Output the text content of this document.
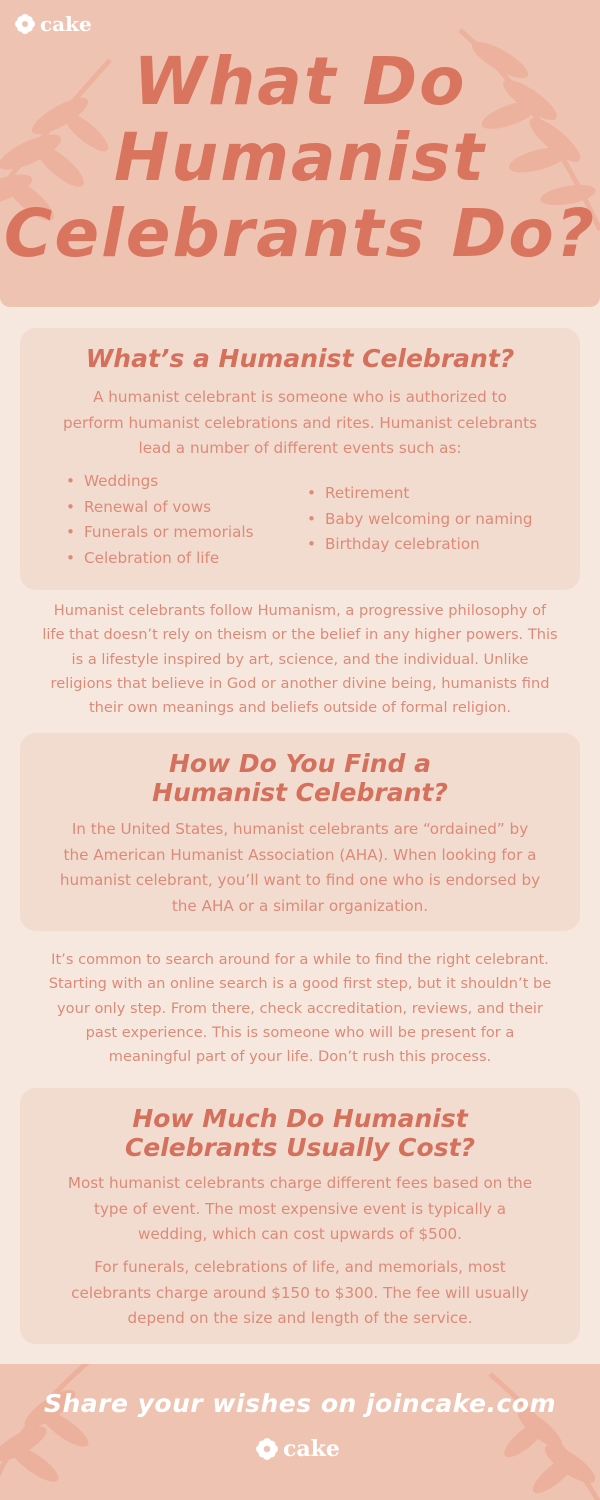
cake
What Do
Humanist
Celebrants Do?
What’s a Humanist Celebrant?
A humanist celebrant is someone who is authorized to
perform humanist celebrations and rites. Humanist celebrants
lead a number of different events such as:
• Weddings
• Renewal of vows
• Funerals or memorials
• Celebration of life
• Retirement
• Baby welcoming or naming
• Birthday celebration
Humanist celebrants follow Humanism, a progressive philosophy of
life that doesn’t rely on theism or the belief in any higher powers. This
is a lifestyle inspired by art, science, and the individual. Unlike
religions that believe in God or another divine being, humanists find
their own meanings and beliefs outside of formal religion.
How Do You Find a
Humanist Celebrant?
In the United States, humanist celebrants are “ordained” by
the American Humanist Association (AHA). When looking for a
humanist celebrant, you’ll want to find one who is endorsed by
the AHA or a similar organization.
It’s common to search around for a while to find the right celebrant.
Starting with an online search is a good first step, but it shouldn’t be
your only step. From there, check accreditation, reviews, and their
past experience. This is someone who will be present for a
meaningful part of your life. Don’t rush this process.
How Much Do Humanist
Celebrants Usually Cost?
Most humanist celebrants charge different fees based on the
type of event. The most expensive event is typically a
wedding, which can cost upwards of $500.
For funerals, celebrations of life, and memorials, most
celebrants charge around $150 to $300. The fee will usually
depend on the size and length of the service.
Share your wishes on joincake.com
cake
